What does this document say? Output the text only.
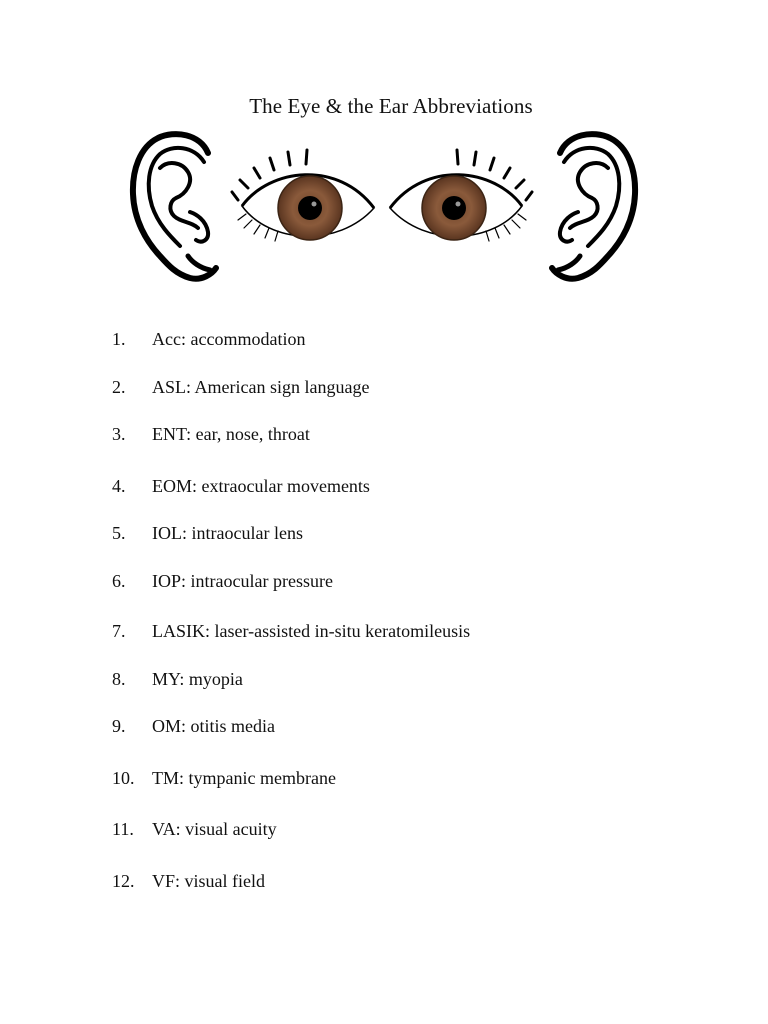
The Eye & the Ear Abbreviations
1. Acc: accommodation
2. ASL: American sign language
3. ENT: ear, nose, throat
4. EOM: extraocular movements
5. IOL: intraocular lens
6. IOP: intraocular pressure
7. LASIK: laser-assisted in-situ keratomileusis
8. MY: myopia
9. OM: otitis media
10. TM: tympanic membrane
11. VA: visual acuity
12. VF: visual field
